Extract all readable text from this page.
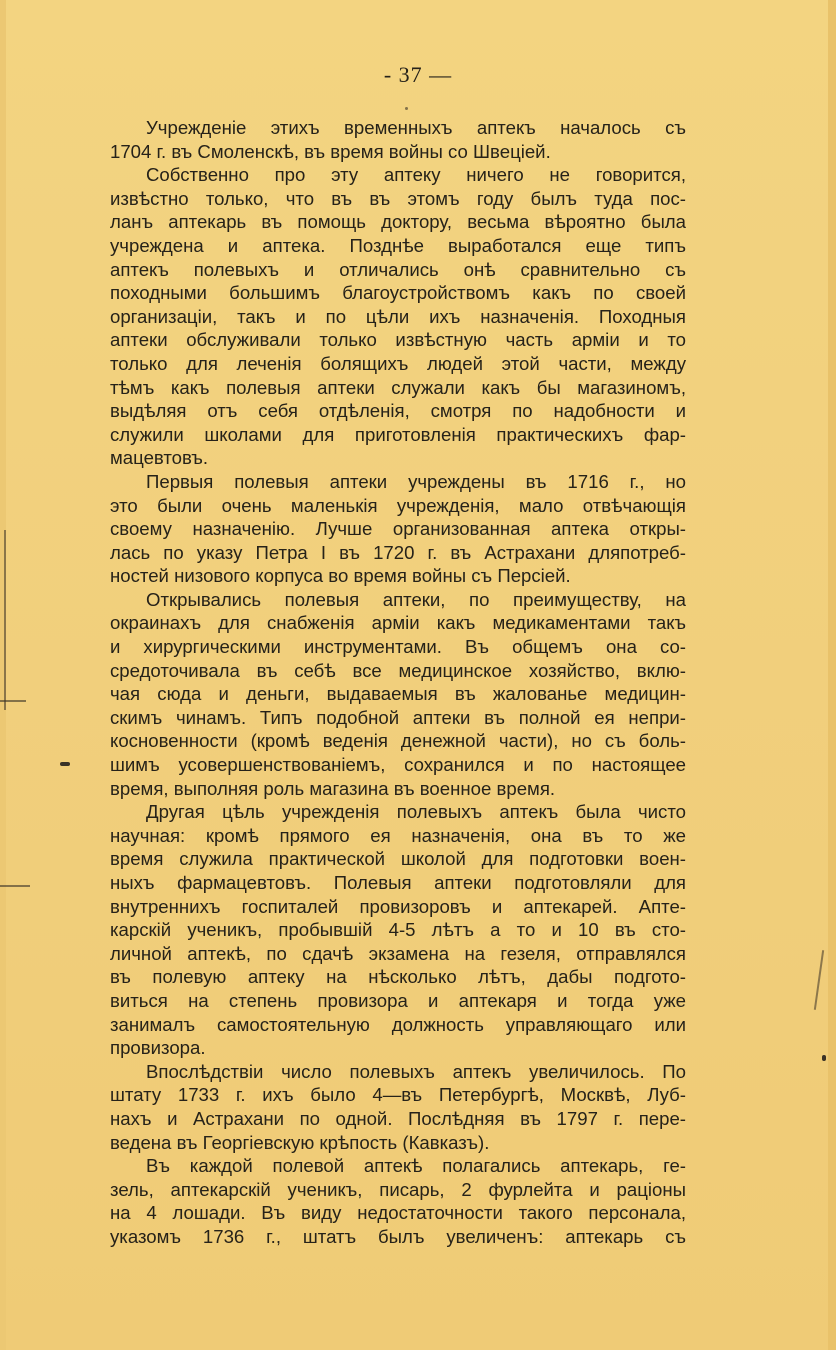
- 37 —
Учрежденіе этихъ временныхъ аптекъ началось съ
1704 г. въ Смоленскѣ, въ время войны со Швеціей.
Собственно про эту аптеку ничего не говорится,
извѣстно только, что въ въ этомъ году былъ туда пос-
ланъ аптекарь въ помощь доктору, весьма вѣроятно была
учреждена и аптека. Позднѣе выработался еще типъ
аптекъ полевыхъ и отличались онѣ сравнительно съ
походными большимъ благоустройствомъ какъ по своей
организаціи, такъ и по цѣли ихъ назначенія. Походныя
аптеки обслуживали только извѣстную часть арміи и то
только для леченія болящихъ людей этой части, между
тѣмъ какъ полевыя аптеки служали какъ бы магазиномъ,
выдѣляя отъ себя отдѣленія, смотря по надобности и
служили школами для приготовленія практическихъ фар-
мацевтовъ.
Первыя полевыя аптеки учреждены въ 1716 г., но
это были очень маленькія учрежденія, мало отвѣчающія
своему назначенію. Лучше организованная аптека откры-
лась по указу Петра I въ 1720 г. въ Астрахани дляпотреб-
ностей низового корпуса во время войны съ Персіей.
Открывались полевыя аптеки, по преимуществу, на
окраинахъ для снабженія арміи какъ медикаментами такъ
и хирургическими инструментами. Въ общемъ она со-
средоточивала въ себѣ все медицинское хозяйство, вклю-
чая сюда и деньги, выдаваемыя въ жалованье медицин-
скимъ чинамъ. Типъ подобной аптеки въ полной ея непри-
косновенности (кромѣ веденія денежной части), но съ боль-
шимъ усовершенствованіемъ, сохранился и по настоящее
время, выполняя роль магазина въ военное время.
Другая цѣль учрежденія полевыхъ аптекъ была чисто
научная: кромѣ прямого ея назначенія, она въ то же
время служила практической школой для подготовки воен-
ныхъ фармацевтовъ. Полевыя аптеки подготовляли для
внутреннихъ госпиталей провизоровъ и аптекарей. Апте-
карскій ученикъ, пробывшій 4-5 лѣтъ а то и 10 въ сто-
личной аптекѣ, по сдачѣ экзамена на гезеля, отправлялся
въ полевую аптеку на нѣсколько лѣтъ, дабы подгото-
виться на степень провизора и аптекаря и тогда уже
занималъ самостоятельную должность управляющаго или
провизора.
Впослѣдствіи число полевыхъ аптекъ увеличилось. По
штату 1733 г. ихъ было 4—въ Петербургѣ, Москвѣ, Луб-
нахъ и Астрахани по одной. Послѣдняя въ 1797 г. пере-
ведена въ Георгіевскую крѣпость (Кавказъ).
Въ каждой полевой аптекѣ полагались аптекарь, ге-
зель, аптекарскій ученикъ, писарь, 2 фурлейта и раціоны
на 4 лошади. Въ виду недостаточности такого персонала,
указомъ 1736 г., штатъ былъ увеличенъ: аптекарь съ
